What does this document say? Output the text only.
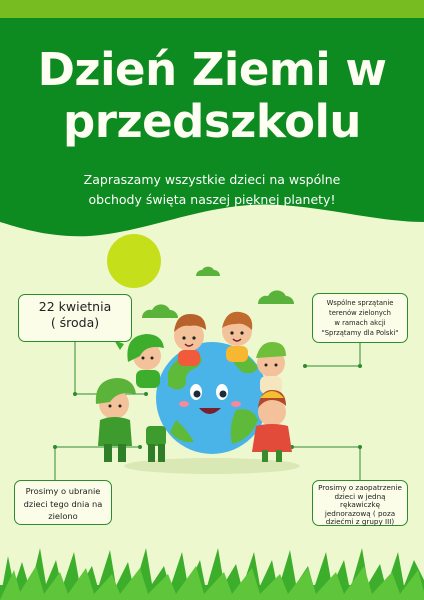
Dzień Ziemi w
przedszkolu
Zapraszamy wszystkie dzieci na wspólne
obchody święta naszej pięknej planety!
22 kwietnia
( środa)
Wspólne sprzątanie
terenów zielonych
w ramach akcji
"Sprzątamy dla Polski"
Prosimy o ubranie
dzieci tego dnia na
zielono
Prosimy o zaopatrzenie
dzieci w jedną
rękawiczkę
jednorazową ( poza
dziećmi z grupy III)
